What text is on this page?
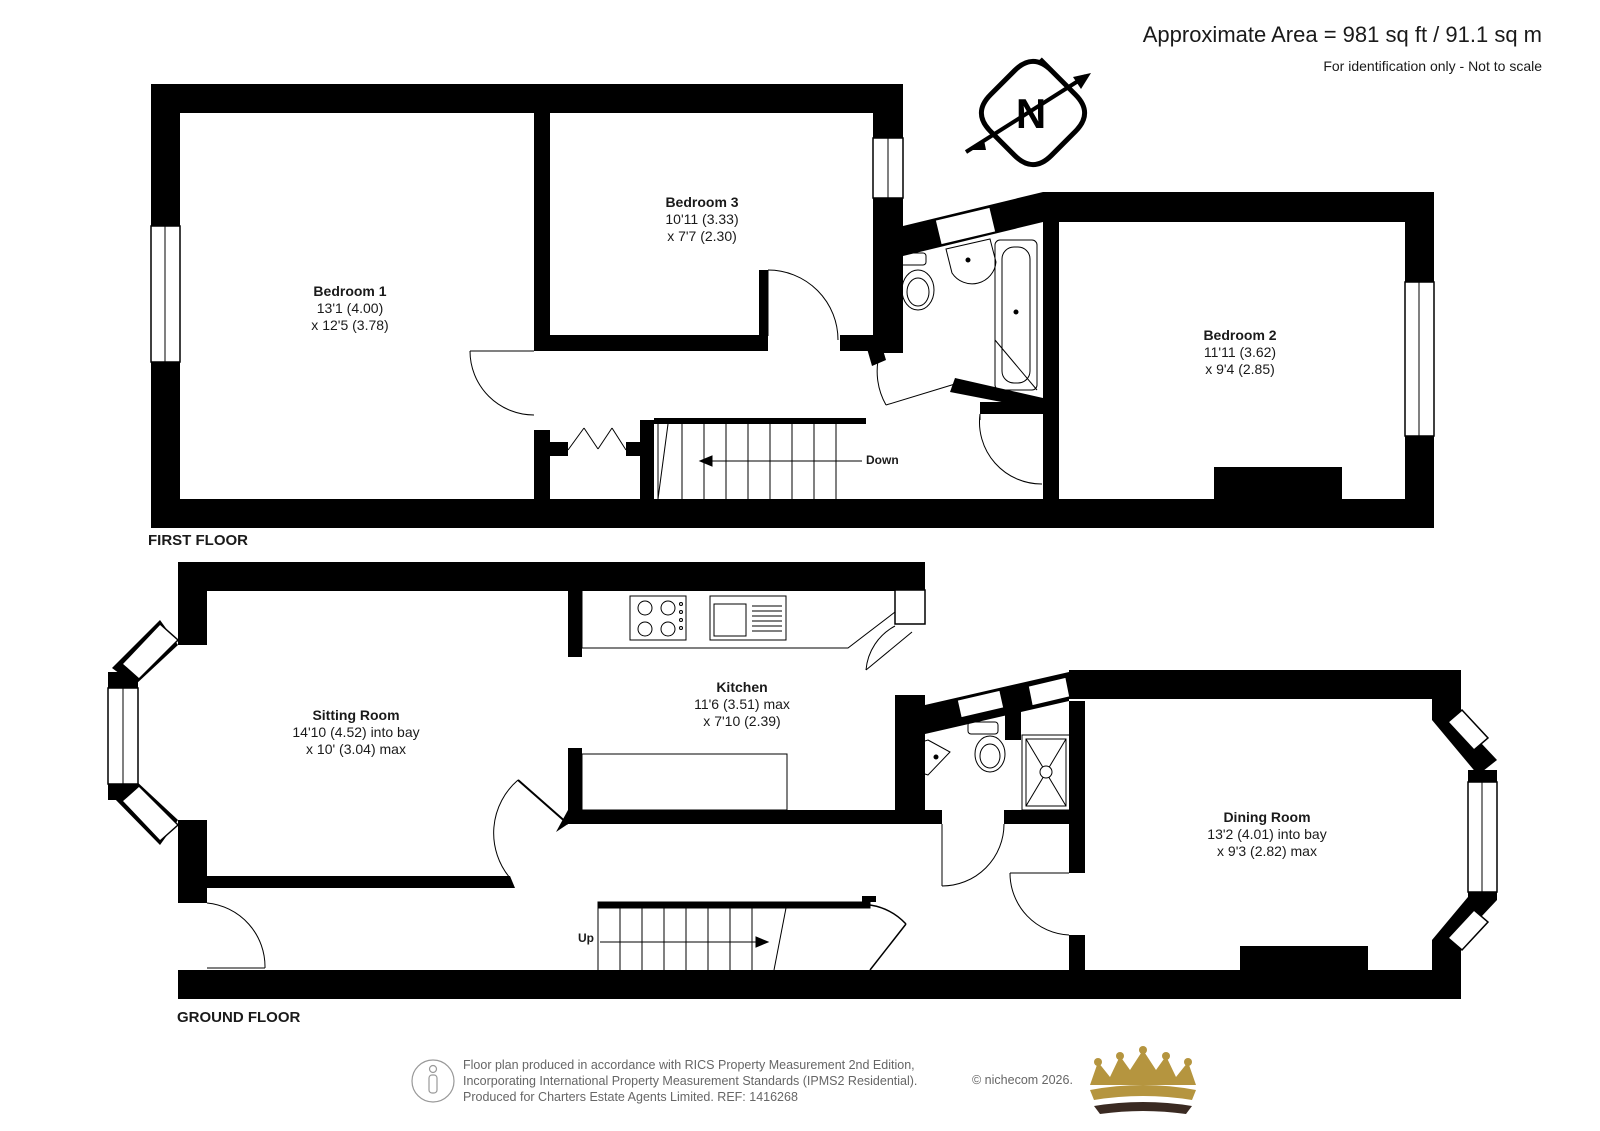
N
Approximate Area = 981 sq ft / 91.1 sq m
For identification only - Not to scale
FIRST FLOOR
GROUND FLOOR
Bedroom 1
13'1 (4.00)
x 12'5 (3.78)
Bedroom 3
10'11 (3.33)
x 7'7 (2.30)
Bedroom 2
11'11 (3.62)
x 9'4 (2.85)
Kitchen
11'6 (3.51) max
x 7'10 (2.39)
Sitting Room
14'10 (4.52) into bay
x 10' (3.04) max
Dining Room
13'2 (4.01) into bay
x 9'3 (2.82) max
Down
Up
Floor plan produced in accordance with RICS Property Measurement 2nd Edition,
Incorporating International Property Measurement Standards (IPMS2 Residential).
Produced for Charters Estate Agents Limited. REF: 1416268
© nichecom 2026.
